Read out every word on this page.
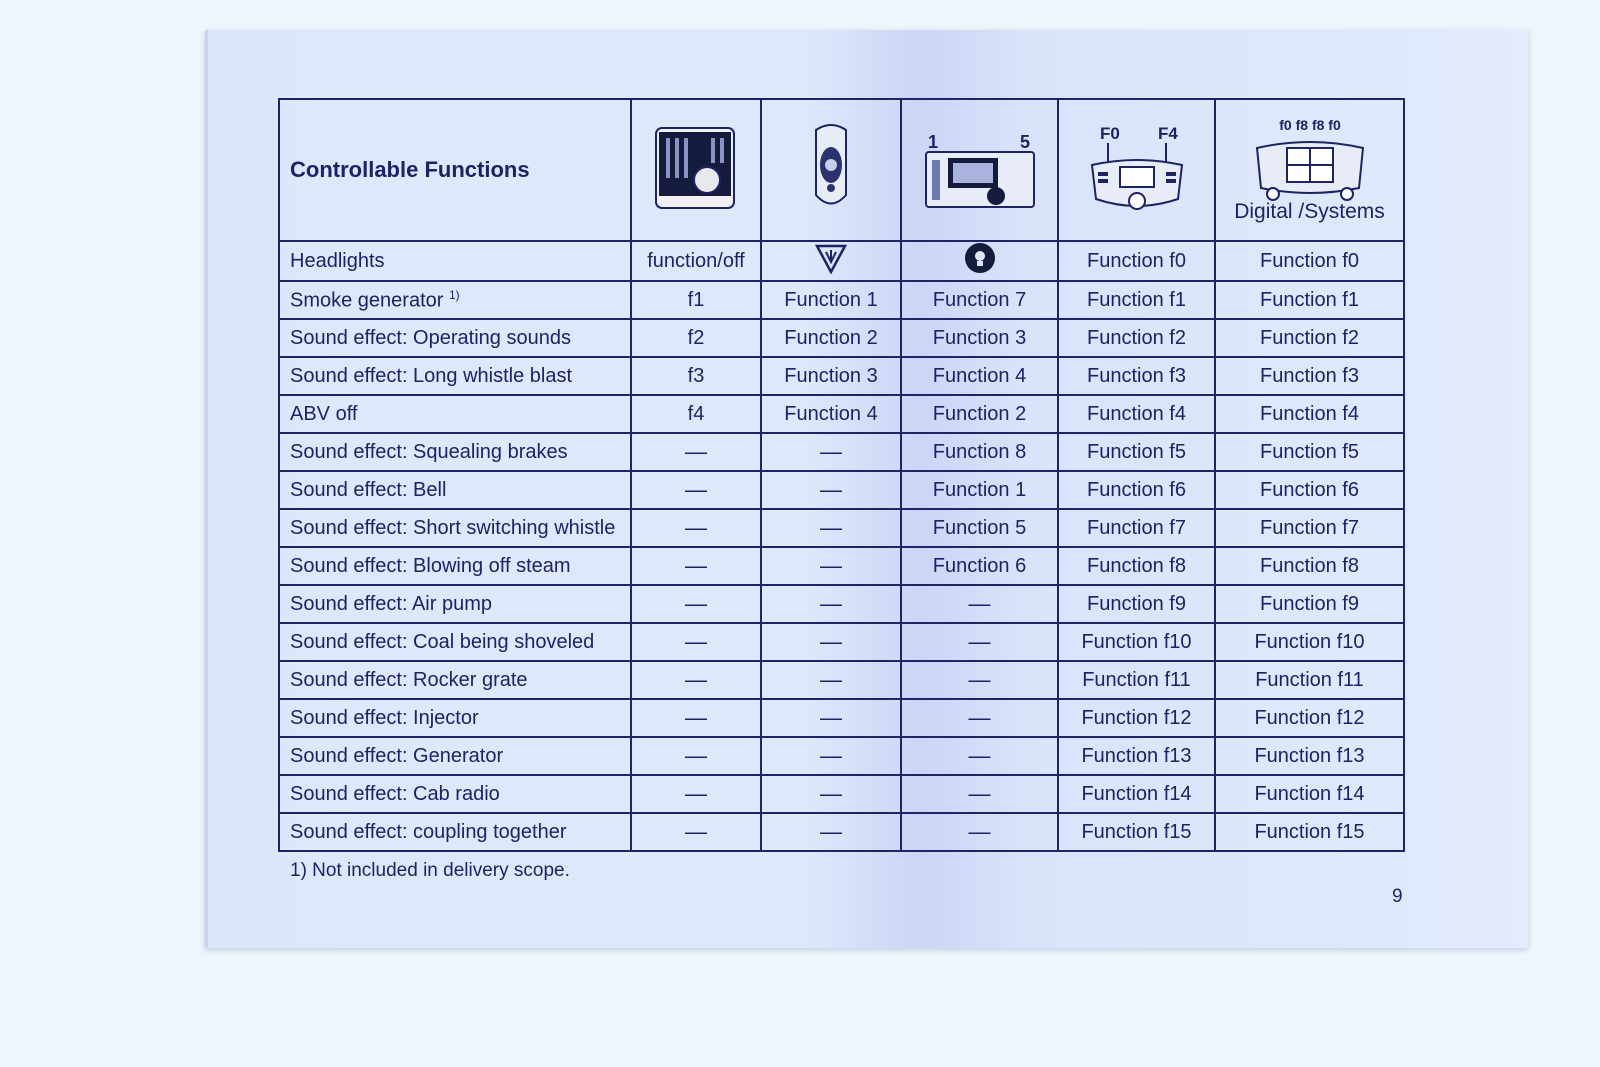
Controllable Functions			1 5	F0 F4	f0 f8 f8 f0
Digital /Systems

Headlights	function/off			Function f0	Function f0
Smoke generator $^{1)}$	f1	Function 1	Function 7	Function f1	Function f1
Sound effect: Operating sounds	f2	Function 2	Function 3	Function f2	Function f2
Sound effect: Long whistle blast	f3	Function 3	Function 4	Function f3	Function f3
ABV off	f4	Function 4	Function 2	Function f4	Function f4
Sound effect: Squealing brakes	—	—	Function 8	Function f5	Function f5
Sound effect: Bell	—	—	Function 1	Function f6	Function f6
Sound effect: Short switching whistle	—	—	Function 5	Function f7	Function f7
Sound effect: Blowing off steam	—	—	Function 6	Function f8	Function f8
Sound effect: Air pump	—	—	—	Function f9	Function f9
Sound effect: Coal being shoveled	—	—	—	Function f10	Function f10
Sound effect: Rocker grate	—	—	—	Function f11	Function f11
Sound effect: Injector	—	—	—	Function f12	Function f12
Sound effect: Generator	—	—	—	Function f13	Function f13
Sound effect: Cab radio	—	—	—	Function f14	Function f14
Sound effect: coupling together	—	—	—	Function f15	Function f15
1) Not included in delivery scope.
9
